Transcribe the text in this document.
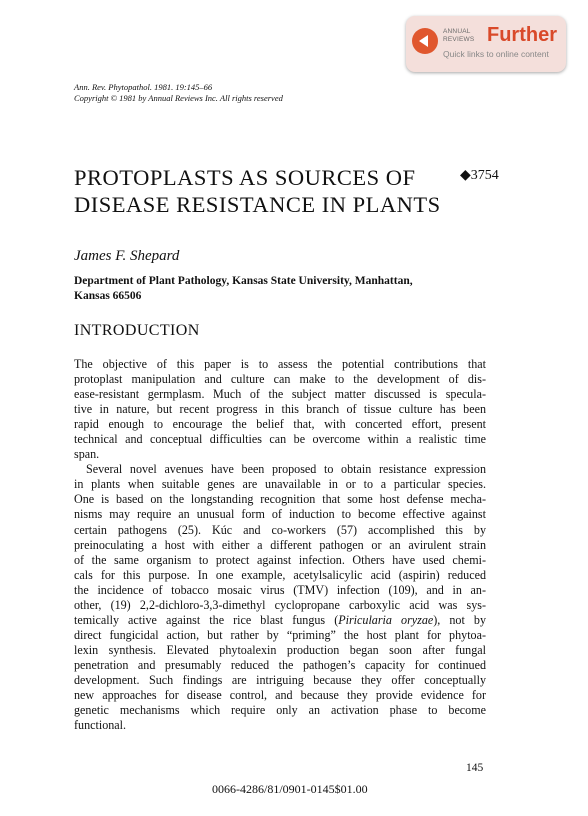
ANNUAL
REVIEWS Further
Quick links to online content
Ann. Rev. Phytopathol. 1981. 19:145–66
Copyright © 1981 by Annual Reviews Inc. All rights reserved
PROTOPLASTS AS SOURCES OF
DISEASE RESISTANCE IN PLANTS
◆3754
James F. Shepard
Department of Plant Pathology, Kansas State University, Manhattan,
Kansas 66506
INTRODUCTION
The objective of this paper is to assess the potential contributions that
protoplast manipulation and culture can make to the development of dis-
ease-resistant germplasm. Much of the subject matter discussed is specula-
tive in nature, but recent progress in this branch of tissue culture has been
rapid enough to encourage the belief that, with concerted effort, present
technical and conceptual difficulties can be overcome within a realistic time
span.
Several novel avenues have been proposed to obtain resistance expression
in plants when suitable genes are unavailable in or to a particular species.
One is based on the longstanding recognition that some host defense mecha-
nisms may require an unusual form of induction to become effective against
certain pathogens (25). Kúc and co-workers (57) accomplished this by
preinoculating a host with either a different pathogen or an avirulent strain
of the same organism to protect against infection. Others have used chemi-
cals for this purpose. In one example, acetylsalicylic acid (aspirin) reduced
the incidence of tobacco mosaic virus (TMV) infection (109), and in an-
other, (19) 2,2-dichloro-3,3-dimethyl cyclopropane carboxylic acid was sys-
temically active against the rice blast fungus (Piricularia oryzae), not by
direct fungicidal action, but rather by “priming” the host plant for phytoa-
lexin synthesis. Elevated phytoalexin production began soon after fungal
penetration and presumably reduced the pathogen’s capacity for continued
development. Such findings are intriguing because they offer conceptually
new approaches for disease control, and because they provide evidence for
genetic mechanisms which require only an activation phase to become
functional.
145
0066-4286/81/0901-0145$01.00
